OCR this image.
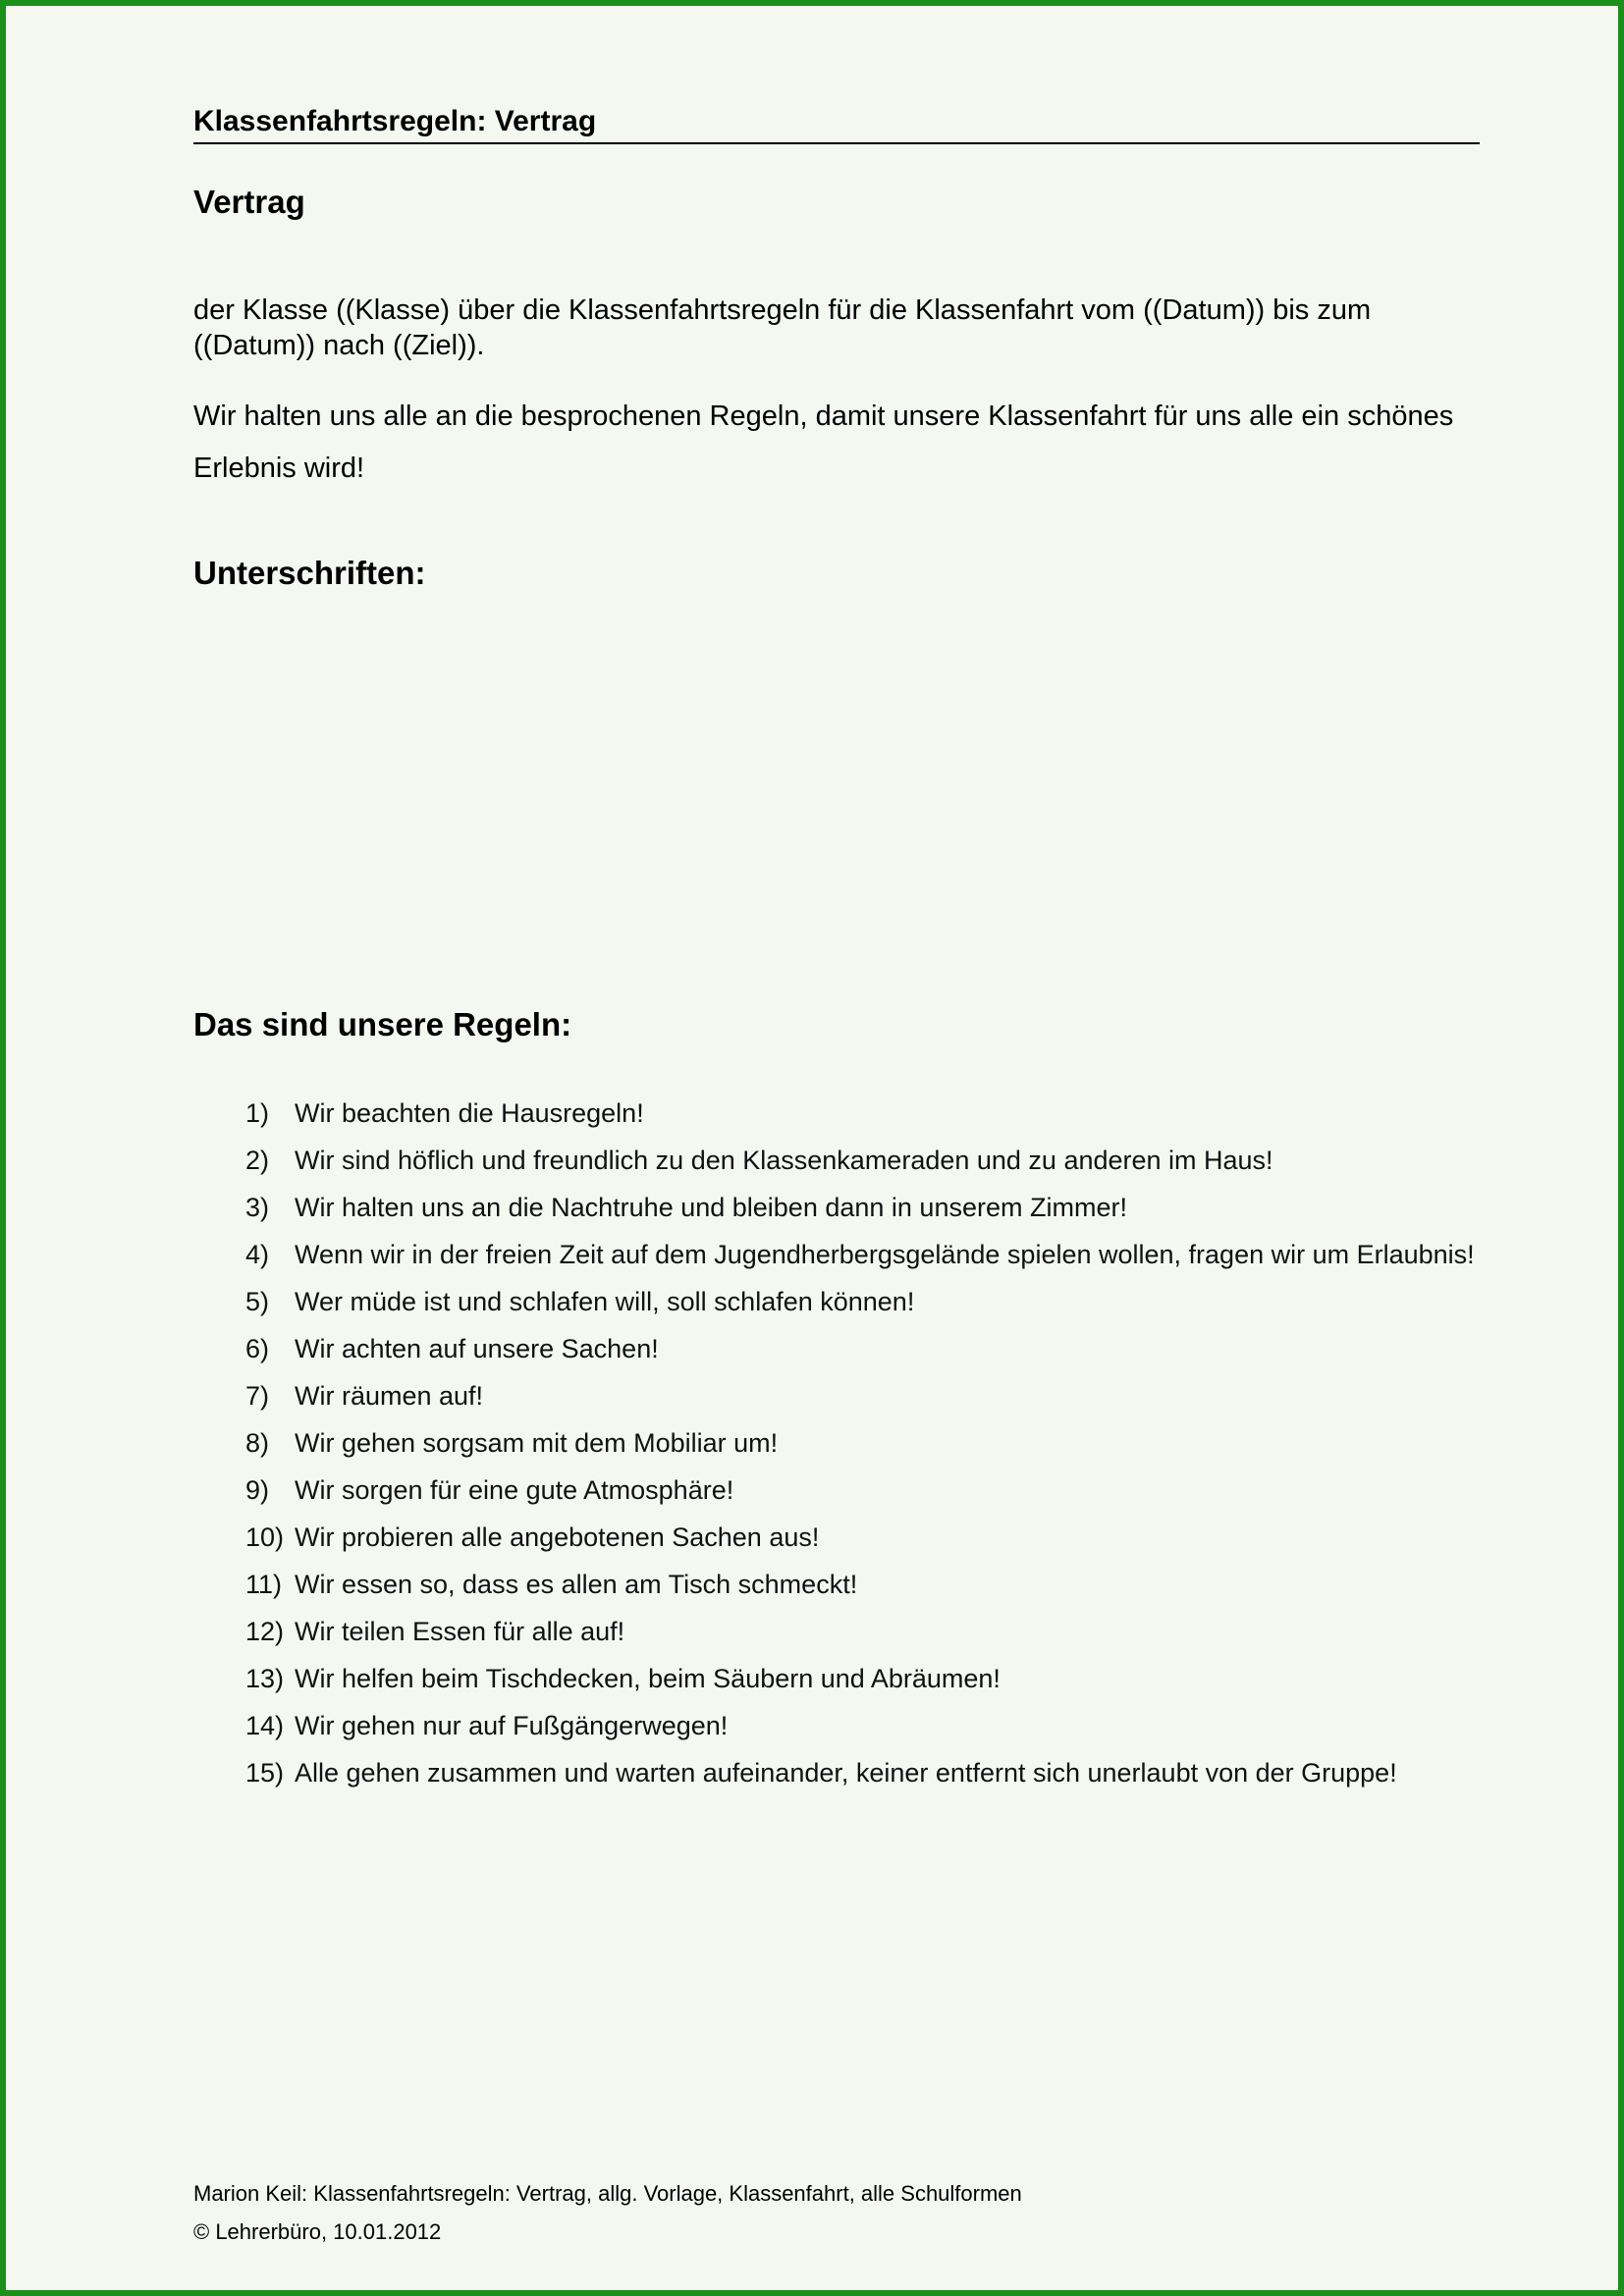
Klassenfahrtsregeln: Vertrag
Vertrag
der Klasse ((Klasse) über die Klassenfahrtsregeln für die Klassenfahrt vom ((Datum)) bis zum ((Datum)) nach ((Ziel)).
Wir halten uns alle an die besprochenen Regeln, damit unsere Klassenfahrt für uns alle ein schönes Erlebnis wird!
Unterschriften:
Das sind unsere Regeln:
1) Wir beachten die Hausregeln!
2) Wir sind höflich und freundlich zu den Klassenkameraden und zu anderen im Haus!
3) Wir halten uns an die Nachtruhe und bleiben dann in unserem Zimmer!
4) Wenn wir in der freien Zeit auf dem Jugendherbergsgelände spielen wollen, fragen wir um Erlaubnis!
5) Wer müde ist und schlafen will, soll schlafen können!
6) Wir achten auf unsere Sachen!
7) Wir räumen auf!
8) Wir gehen sorgsam mit dem Mobiliar um!
9) Wir sorgen für eine gute Atmosphäre!
10) Wir probieren alle angebotenen Sachen aus!
11) Wir essen so, dass es allen am Tisch schmeckt!
12) Wir teilen Essen für alle auf!
13) Wir helfen beim Tischdecken, beim Säubern und Abräumen!
14) Wir gehen nur auf Fußgängerwegen!
15) Alle gehen zusammen und warten aufeinander, keiner entfernt sich unerlaubt von der Gruppe!
Marion Keil: Klassenfahrtsregeln: Vertrag, allg. Vorlage, Klassenfahrt, alle Schulformen
© Lehrerbüro, 10.01.2012
